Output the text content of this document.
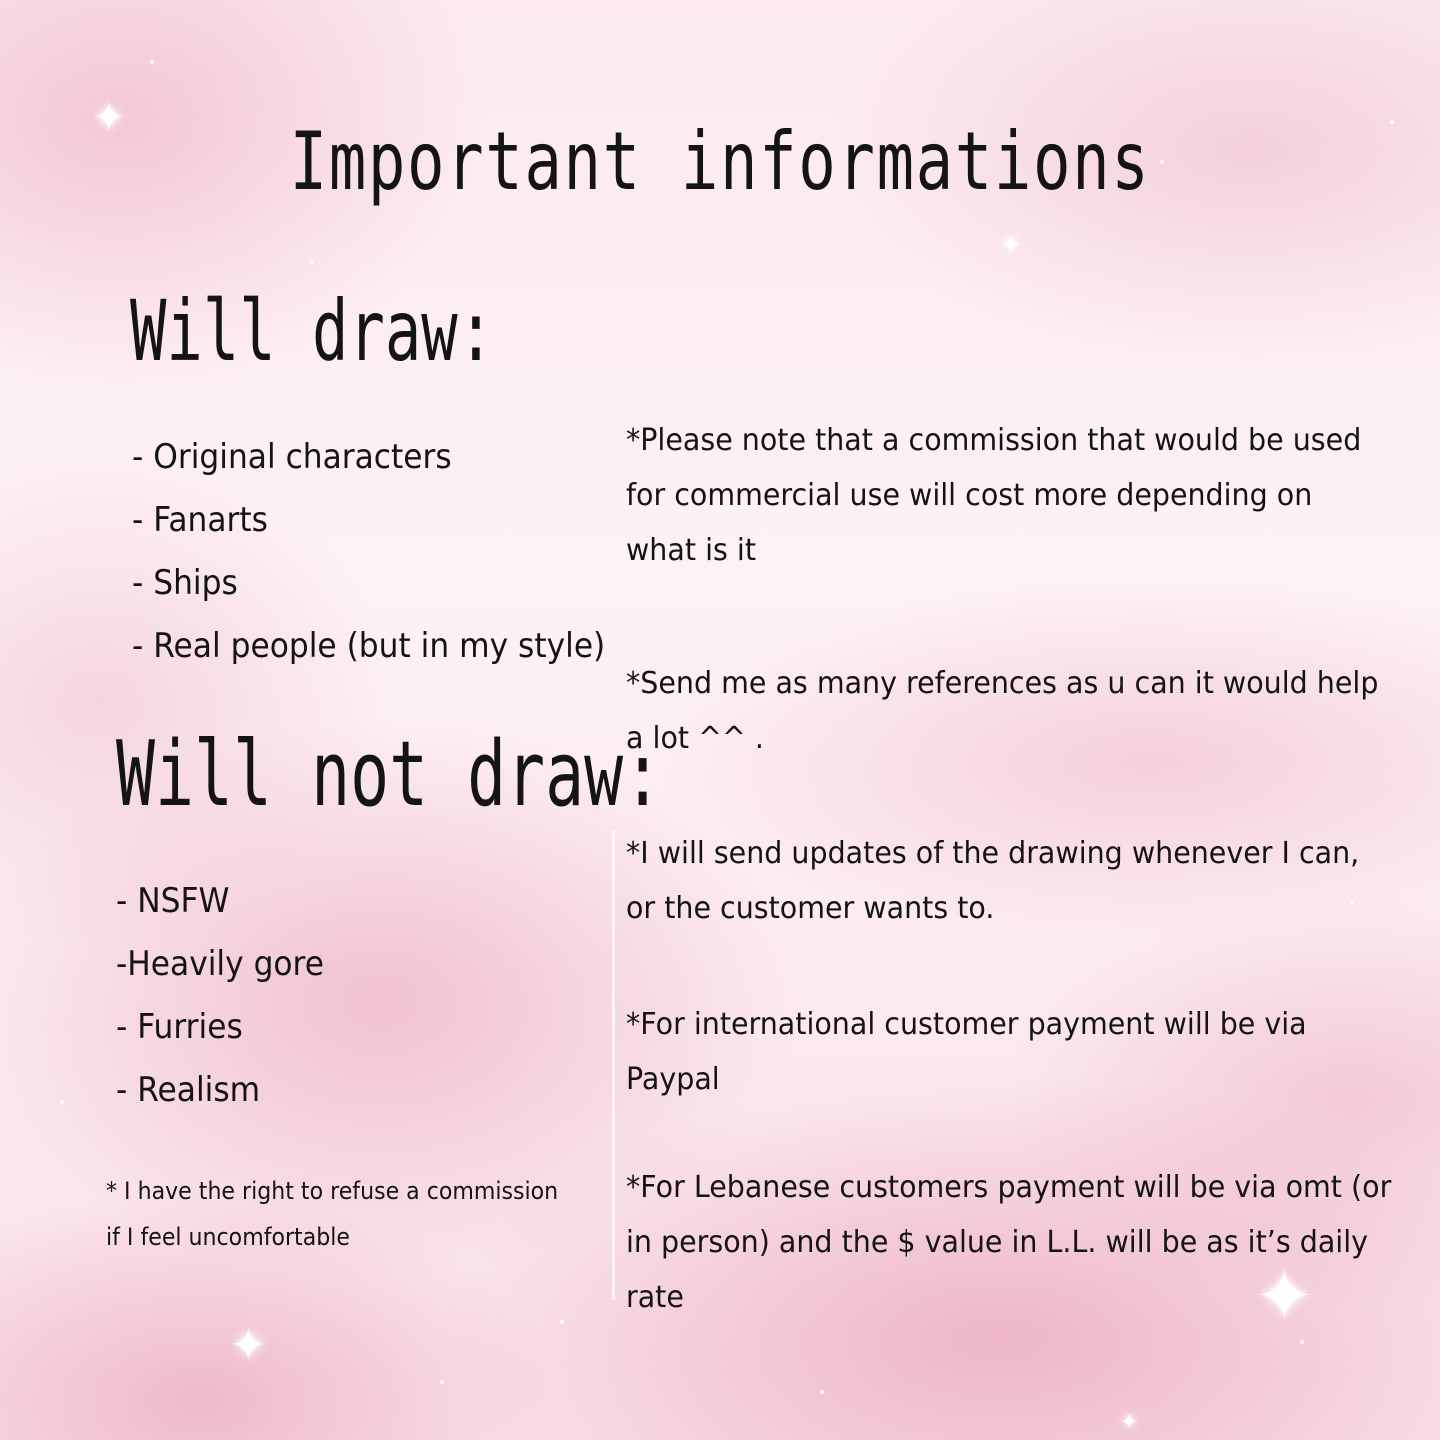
✦
✦
✦
✦
✦
Important informations
Will draw:
- Original characters
- Fanarts
- Ships
- Real people (but in my style)
Will not draw:
- NSFW
-Heavily gore
- Furries
- Realism

* I have the right to refuse a commission if I feel uncomfortable

*Please note that a commission that would be used for commercial use will cost more depending on what is it

*Send me as many references as u can it would help a lot ^^ .

*I will send updates of the drawing whenever I can, or the customer wants to.

*For international customer payment will be via Paypal

*For Lebanese customers payment will be via omt (or in person) and the $ value in L.L. will be as it’s daily rate
